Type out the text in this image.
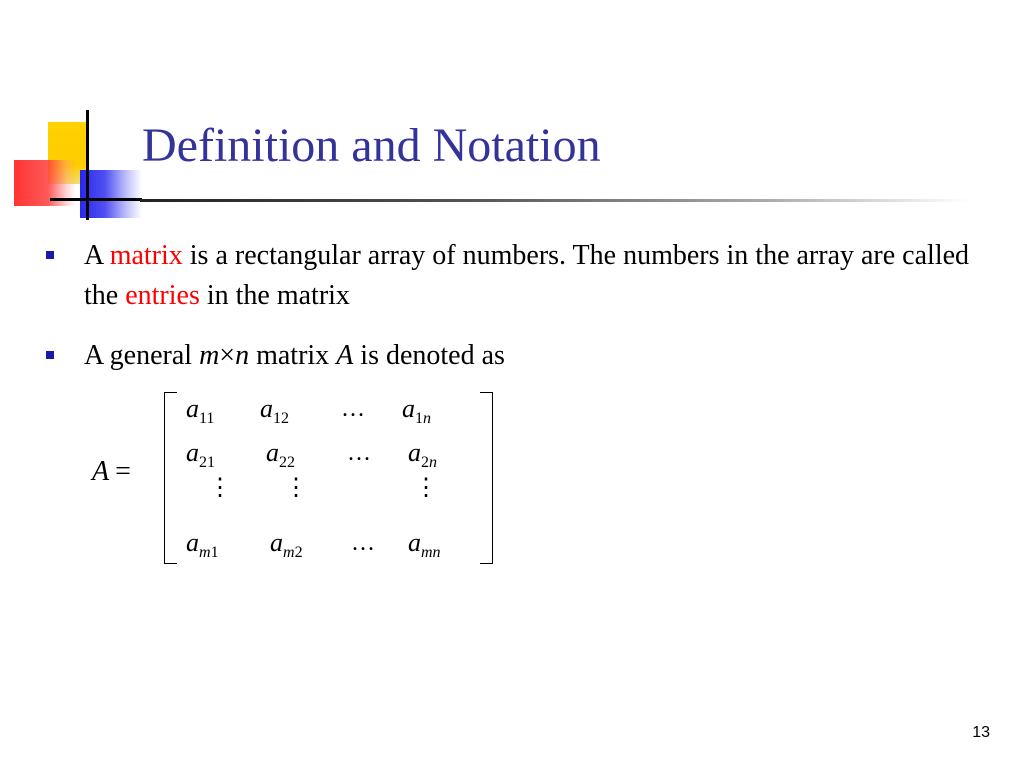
Definition and Notation
A matrix is a rectangular array of numbers. The numbers in the array are called the entries in the matrix
A general m×n matrix A is denoted as
A =
$a_{11}$ $a_{12}$ ... $a_{1n}$
$a_{21}$ $a_{22}$ ... $a_{2n}$
⋮ ⋮	⋮
$a_{m1}$ $a_{m2}$ ... $a_{mn}$
13
